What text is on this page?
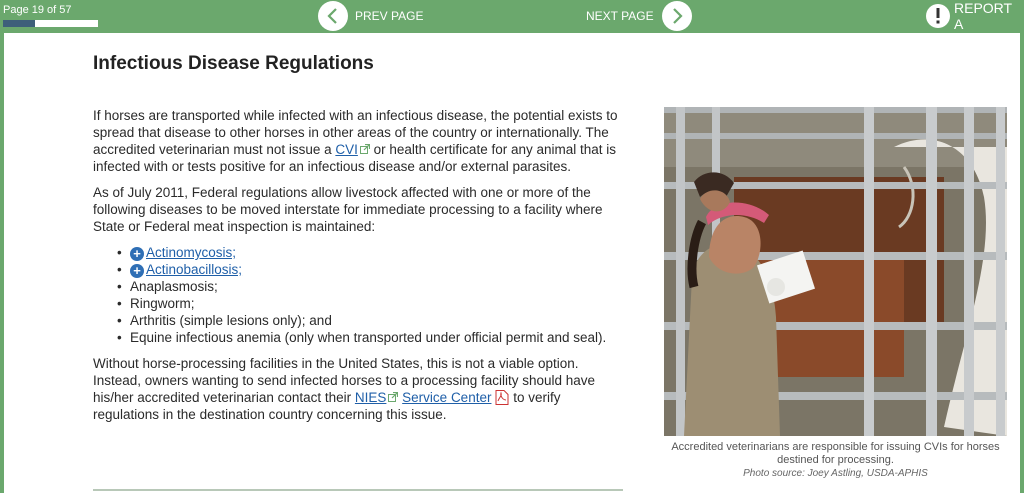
Page 19 of 57	PREV PAGE	NEXT PAGE	REPORT A
Infectious Disease Regulations

If horses are transported while infected with an infectious disease, the potential exists to spread that disease to other horses in other areas of the country or internationally. The accredited veterinarian must not issue a CVI or health certificate for any animal that is infected with or tests positive for an infectious disease and/or external parasites.

As of July 2011, Federal regulations allow livestock affected with one or more of the following diseases to be moved interstate for immediate processing to a facility where State or Federal meat inspection is maintained:

• + Actinomycosis;
• + Actinobacillosis;
• Anaplasmosis;
• Ringworm;
• Arthritis (simple lesions only); and
• Equine infectious anemia (only when transported under official permit and seal).

Without horse-processing facilities in the United States, this is not a viable option. Instead, owners wanting to send infected horses to a processing facility should have his/her accredited veterinarian contact their NIES Service Center to verify regulations in the destination country concerning this issue.

Accredited veterinarians are responsible for issuing CVIs for horses destined for processing.
Photo source: Joey Astling, USDA-APHIS
